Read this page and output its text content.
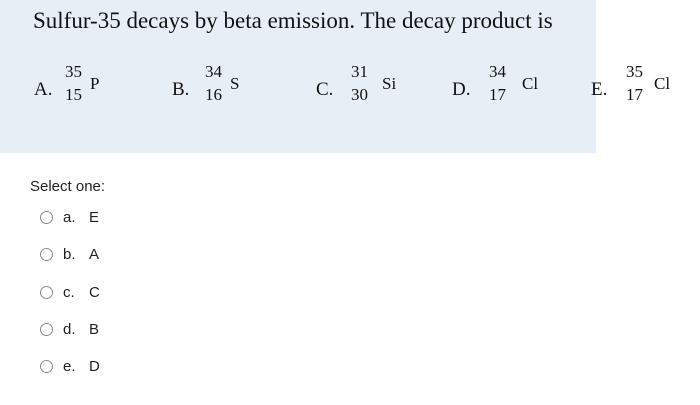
Sulfur-35 decays by beta emission. The decay product is
A.
35
15
P	B.
34
16
S	C.
31
30
Si	D.
34
17
Cl	E.
35
17
Cl
Select one:
a. E
b. A
c. C
d. B
e. D
